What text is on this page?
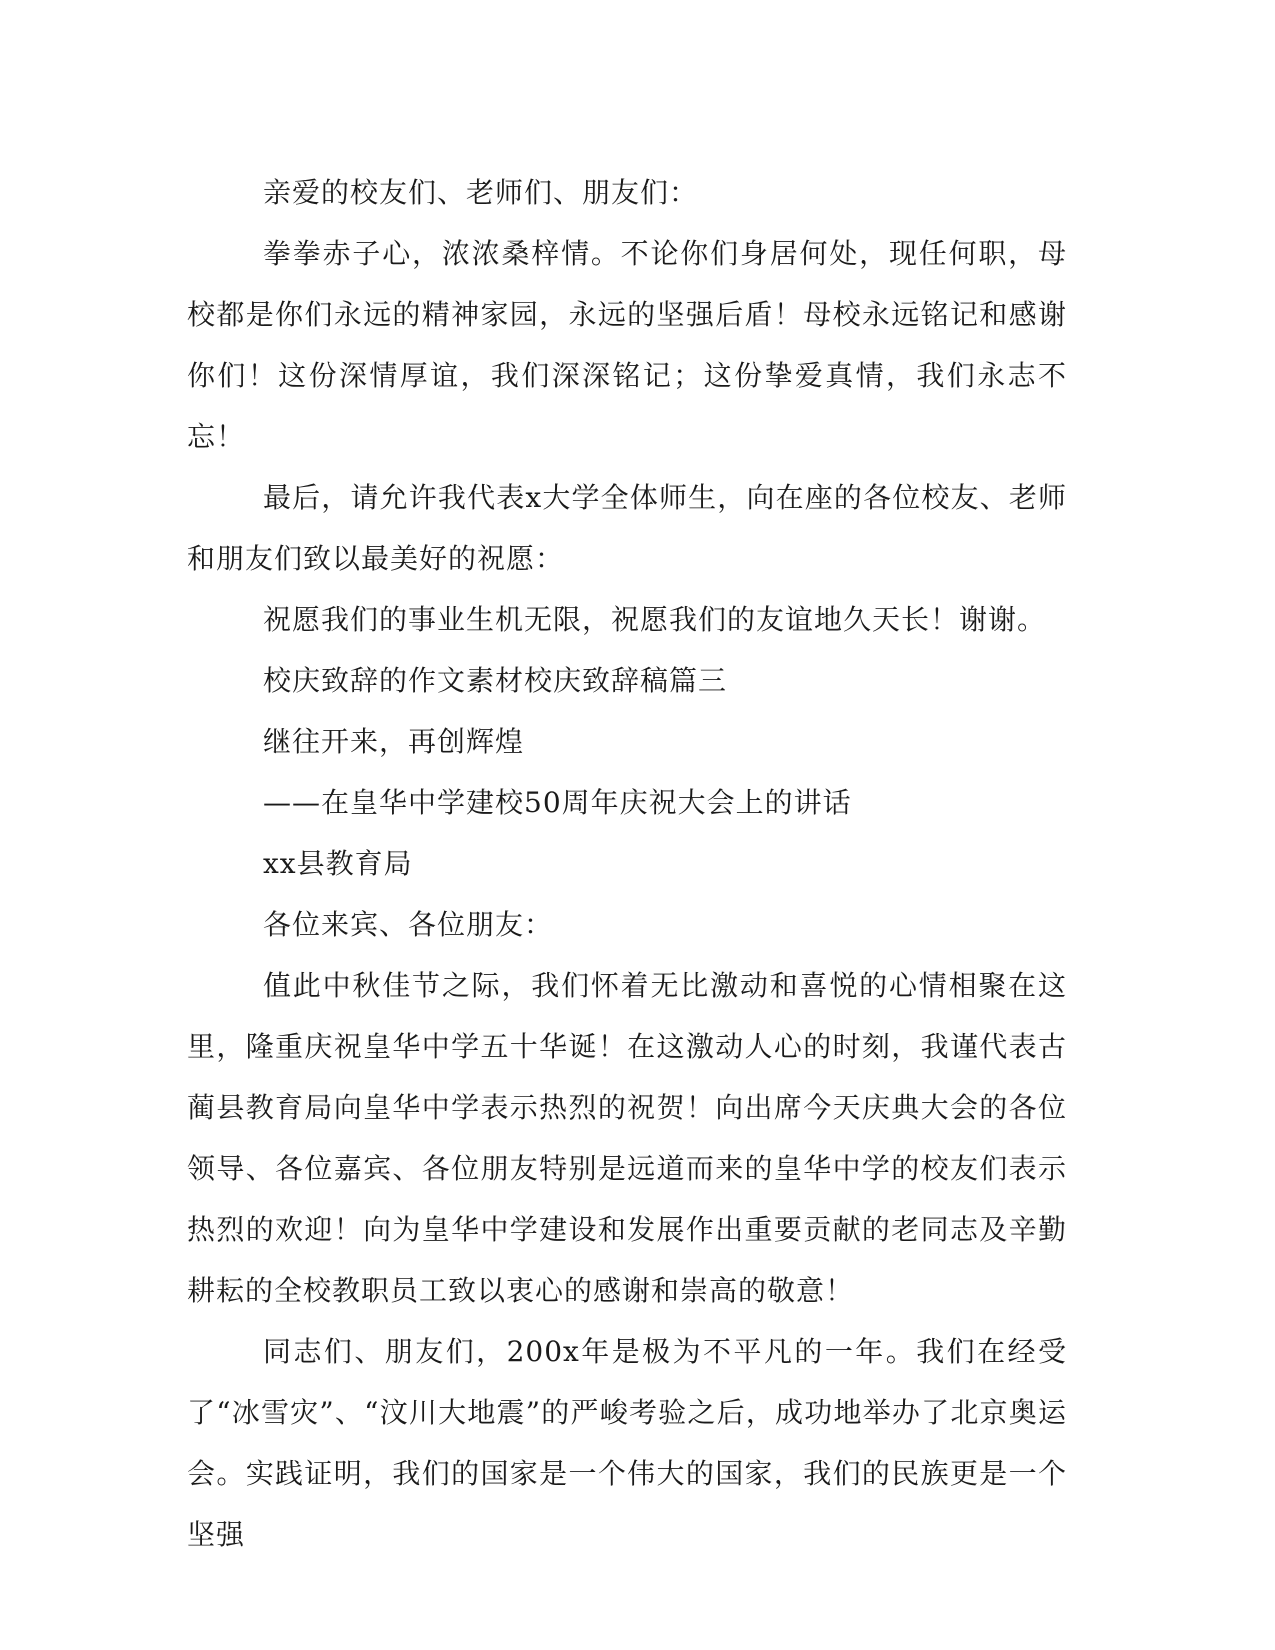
亲爱的校友们、老师们、朋友们：

拳拳赤子心，浓浓桑梓情。不论你们身居何处，现任何职，母校都是你们永远的精神家园，永远的坚强后盾！母校永远铭记和感谢你们！这份深情厚谊，我们深深铭记；这份挚爱真情，我们永志不忘！

最后，请允许我代表x大学全体师生，向在座的各位校友、老师和朋友们致以最美好的祝愿：

祝愿我们的事业生机无限，祝愿我们的友谊地久天长！谢谢。

校庆致辞的作文素材校庆致辞稿篇三

继往开来，再创辉煌

——在皇华中学建校50周年庆祝大会上的讲话

xx县教育局

各位来宾、各位朋友：

值此中秋佳节之际，我们怀着无比激动和喜悦的心情相聚在这里，隆重庆祝皇华中学五十华诞！在这激动人心的时刻，我谨代表古蔺县教育局向皇华中学表示热烈的祝贺！向出席今天庆典大会的各位领导、各位嘉宾、各位朋友特别是远道而来的皇华中学的校友们表示热烈的欢迎！向为皇华中学建设和发展作出重要贡献的老同志及辛勤耕耘的全校教职员工致以衷心的感谢和崇高的敬意！

同志们、朋友们，200x年是极为不平凡的一年。我们在经受了“冰雪灾”、“汶川大地震”的严峻考验之后，成功地举办了北京奥运会。实践证明，我们的国家是一个伟大的国家，我们的民族更是一个坚强
